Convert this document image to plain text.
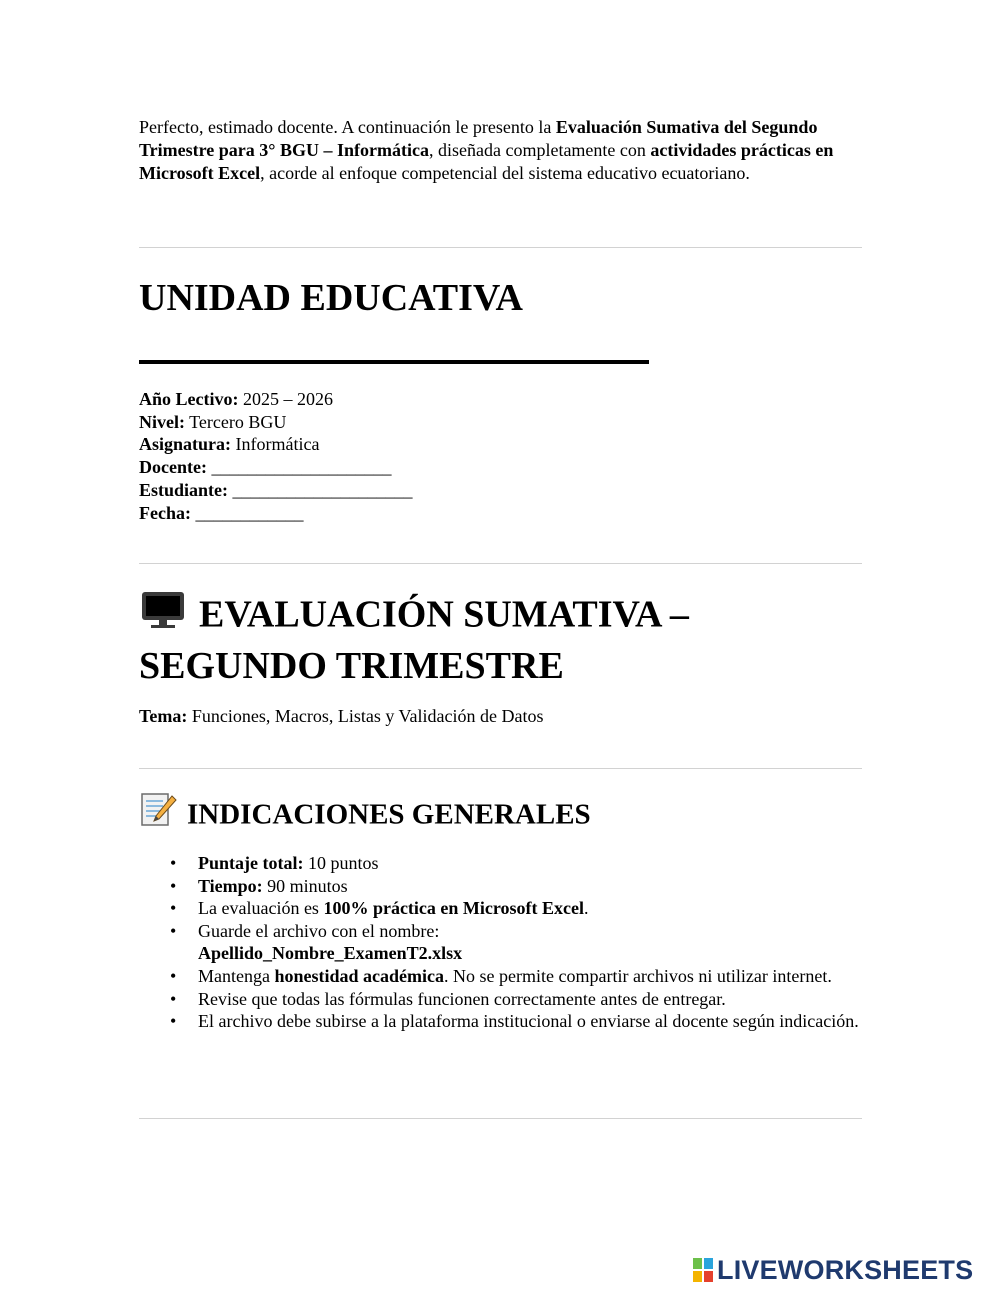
Perfecto, estimado docente. A continuación le presento la Evaluación Sumativa del Segundo Trimestre para 3° BGU – Informática, diseñada completamente con actividades prácticas en Microsoft Excel, acorde al enfoque competencial del sistema educativo ecuatoriano.

UNIDAD EDUCATIVA
Año Lectivo: 2025 – 2026
Nivel: Tercero BGU
Asignatura: Informática
Docente: ____________________
Estudiante: ____________________
Fecha: ____________
EVALUACIÓN SUMATIVA –
SEGUNDO TRIMESTRE

Tema: Funciones, Macros, Listas y Validación de Datos

INDICACIONES GENERALES
• Puntaje total: 10 puntos
• Tiempo: 90 minutos
• La evaluación es 100% práctica en Microsoft Excel.
• Guarde el archivo con el nombre:
Apellido_Nombre_ExamenT2.xlsx
• Mantenga honestidad académica. No se permite compartir archivos ni utilizar internet.
• Revise que todas las fórmulas funcionen correctamente antes de entregar.
• El archivo debe subirse a la plataforma institucional o enviarse al docente según indicación.
LIVEWORKSHEETS
